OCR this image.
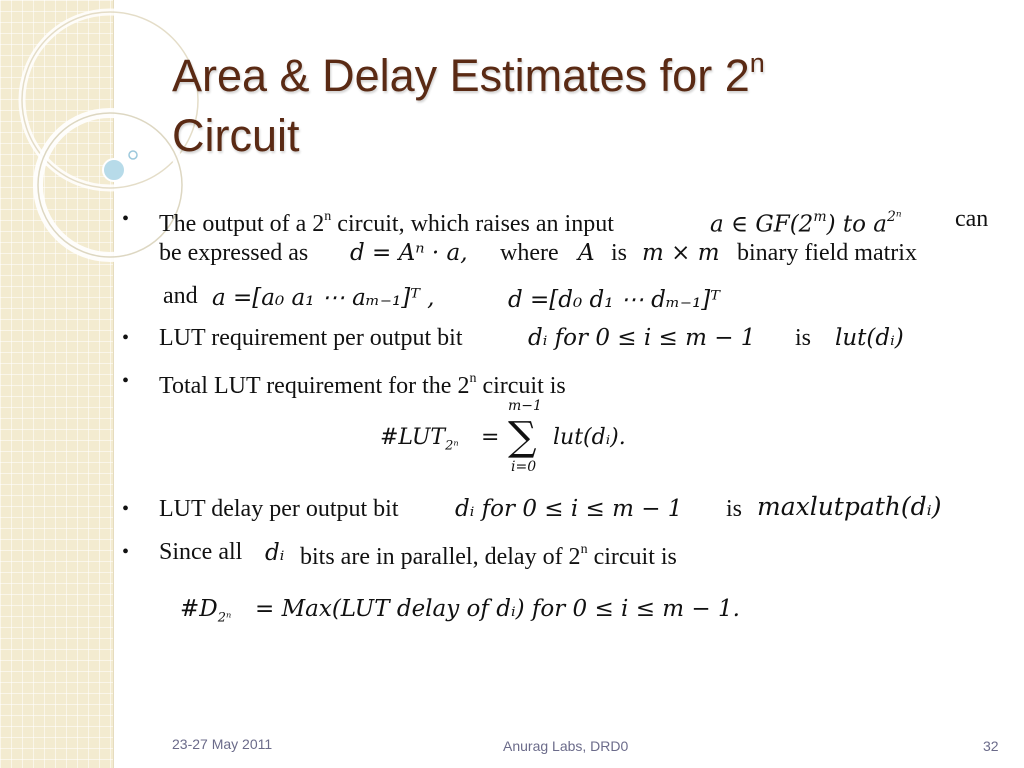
Area & Delay Estimates for 2$^n$
Circuit
• The output of a 2$^n$ circuit, which raises an input	a ∈ GF(2$^m$) to $a^{2^n}$ can
be expressed as d = Aⁿ · a, where A is m × m binary field matrix
and a =[a₀ a₁ ⋯ aₘ₋₁]ᵀ ,	d =[d₀ d₁ ⋯ dₘ₋₁]ᵀ
• LUT requirement per output bit	dᵢ for 0 ≤ i ≤ m − 1 is lut(dᵢ)
• Total LUT requirement for the 2$^n$ circuit is
$\#LUT_{2^n}$ =
m−1
∑
i=0
lut(dᵢ).
• LUT delay per output bit dᵢ for 0 ≤ i ≤ m − 1 is maxlutpath(dᵢ)
• Since all dᵢ bits are in parallel, delay of 2$^n$ circuit is
$\#D_{2^n} = Max(LUT$ delay of dᵢ) for 0 ≤ i ≤ m − 1.
23-27 May 2011	Anurag Labs, DRD0	32
